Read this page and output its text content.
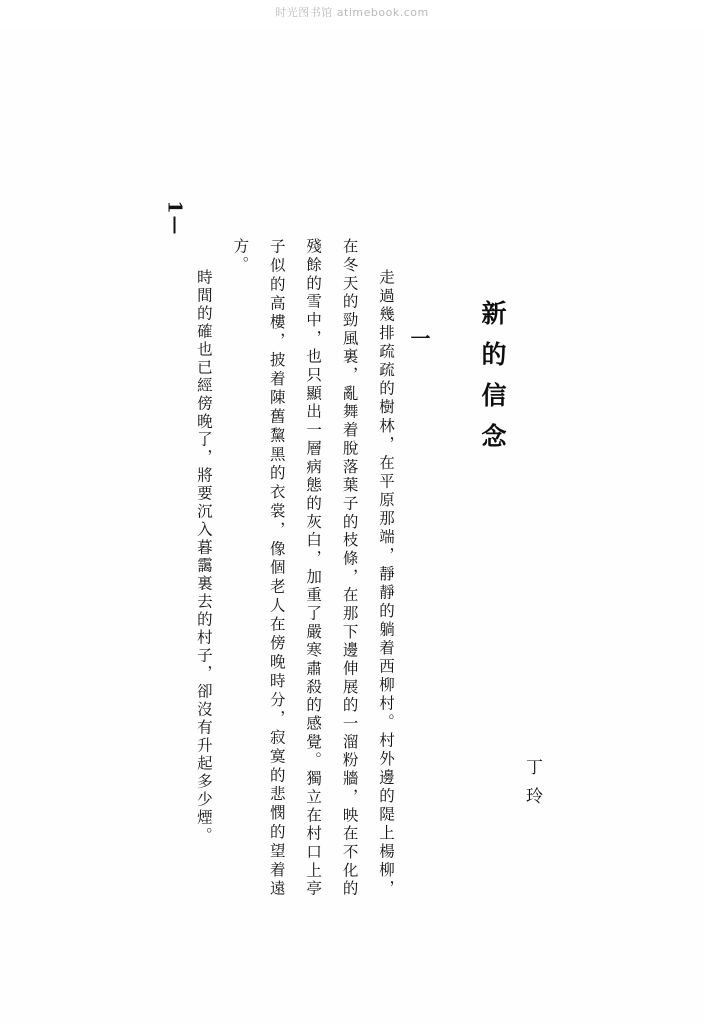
时光图书馆 atimebook.com
新的信念
丁玲
一

走過幾排疏疏的樹林，在平原那端，靜靜的躺着西柳村。村外邊的隄上楊柳，在冬天的勁風裏，亂舞着脫落葉子的枝條，在那下邊伸展的一溜粉牆，映在不化的殘餘的雪中，也只顯出一層病態的灰白，加重了嚴寒肅殺的感覺。獨立在村口上亭子似的高樓，披着陳舊黧黑的衣裳，像個老人在傍晚時分，寂寞的悲憫的望着遠方。

時間的確也已經傍晚了，將要沉入暮靄裏去的村子，卻沒有升起多少煙。

1
